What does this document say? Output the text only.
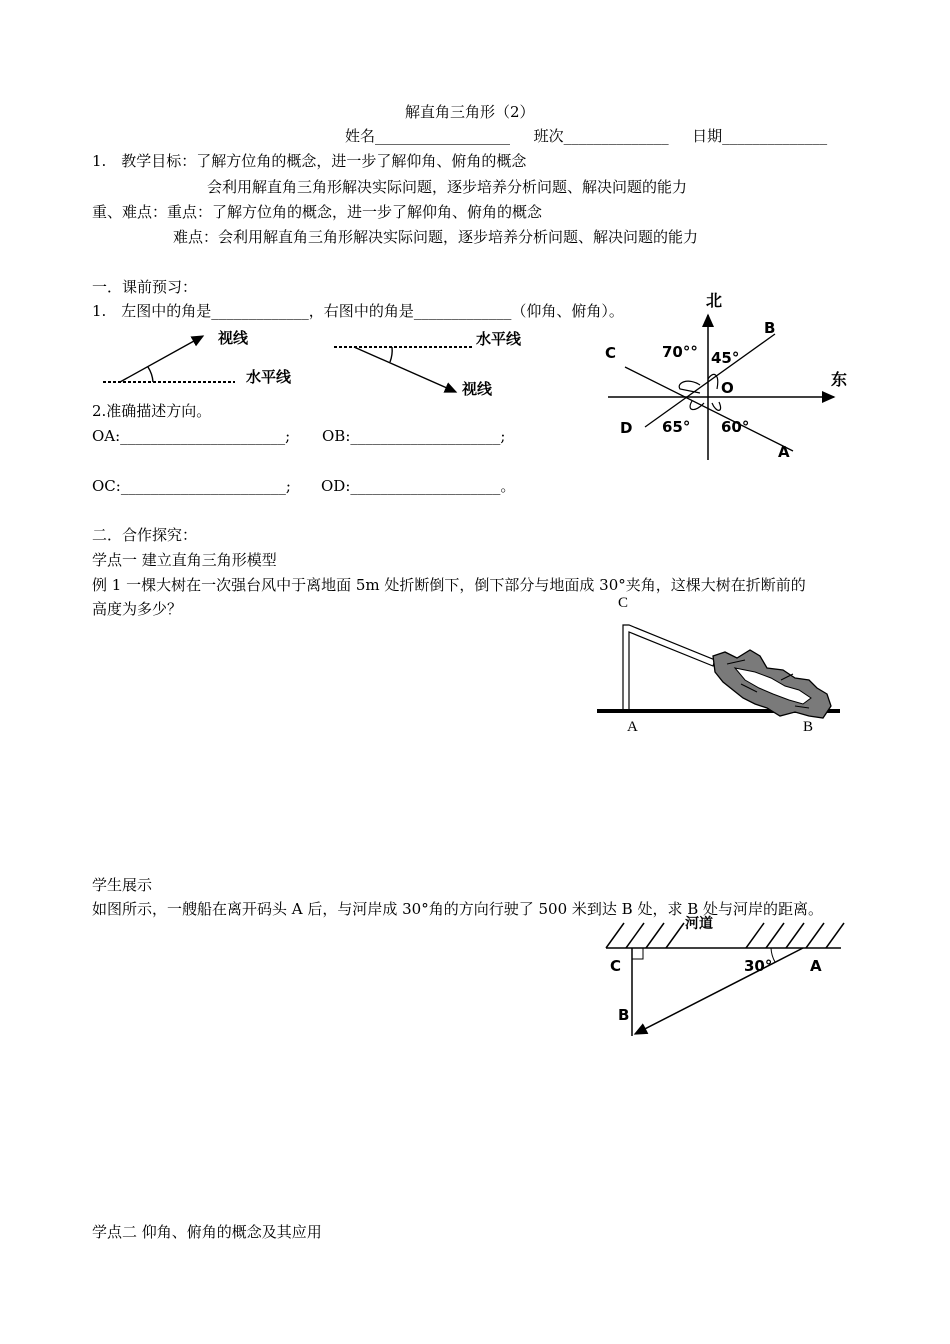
解直角三角形（2）
姓名__________________ 班次______________ 日期______________
1.　教学目标：了解方位角的概念，进一步了解仰角、俯角的概念
会利用解直角三角形解决实际问题，逐步培养分析问题、解决问题的能力
重、难点：重点：了解方位角的概念，进一步了解仰角、俯角的概念
难点：会利用解直角三角形解决实际问题，逐步培养分析问题、解决问题的能力
一．课前预习：
1.　左图中的角是_____________，右图中的角是_____________（仰角、俯角）。
视线
水平线
水平线
视线
北
东
O
C
B
D
A
70°° 45°
65° 60°
2.准确描述方向。
OA:______________________; OB:____________________;
OC:______________________; OD:____________________。
二．合作探究：
学点一 建立直角三角形模型
例 1 一棵大树在一次强台风中于离地面 5m 处折断倒下，倒下部分与地面成 30°夹角，这棵大树在折断前的
高度为多少？	C
A	B
学生展示
如图所示，一艘船在离开码头 A 后，与河岸成 30°角的方向行驶了 500 米到达 B 处，求 B 处与河岸的距离。
河道
C	30°	A
B
学点二 仰角、俯角的概念及其应用
